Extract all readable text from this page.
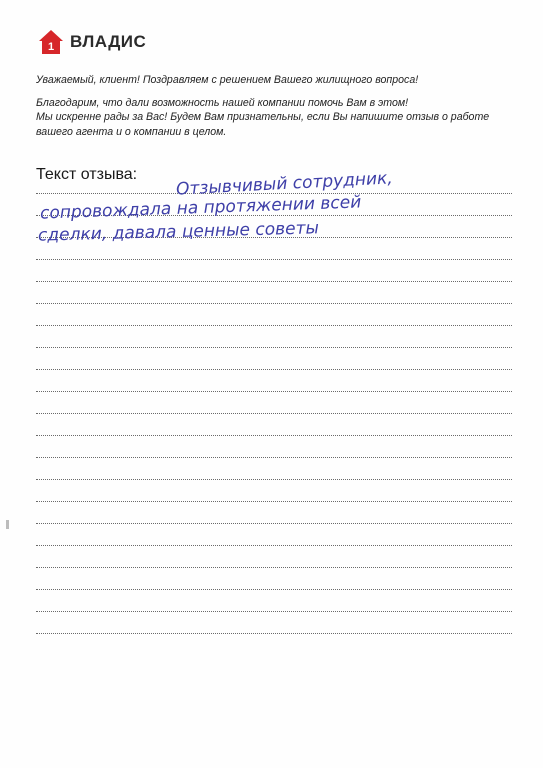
1 ВЛАДИС

Уважаемый, клиент! Поздравляем с решением Вашего жилищного вопроса!

Благодарим, что дали возможность нашей компании помочь Вам в этом!

Мы искренне рады за Вас! Будем Вам признательны, если Вы напишите отзыв о работе

вашего агента и о компании в целом.

Текст отзыва: Отзывчивый сотрудник,
сопровождала на протяжении всей
сделки, давала ценные советы
